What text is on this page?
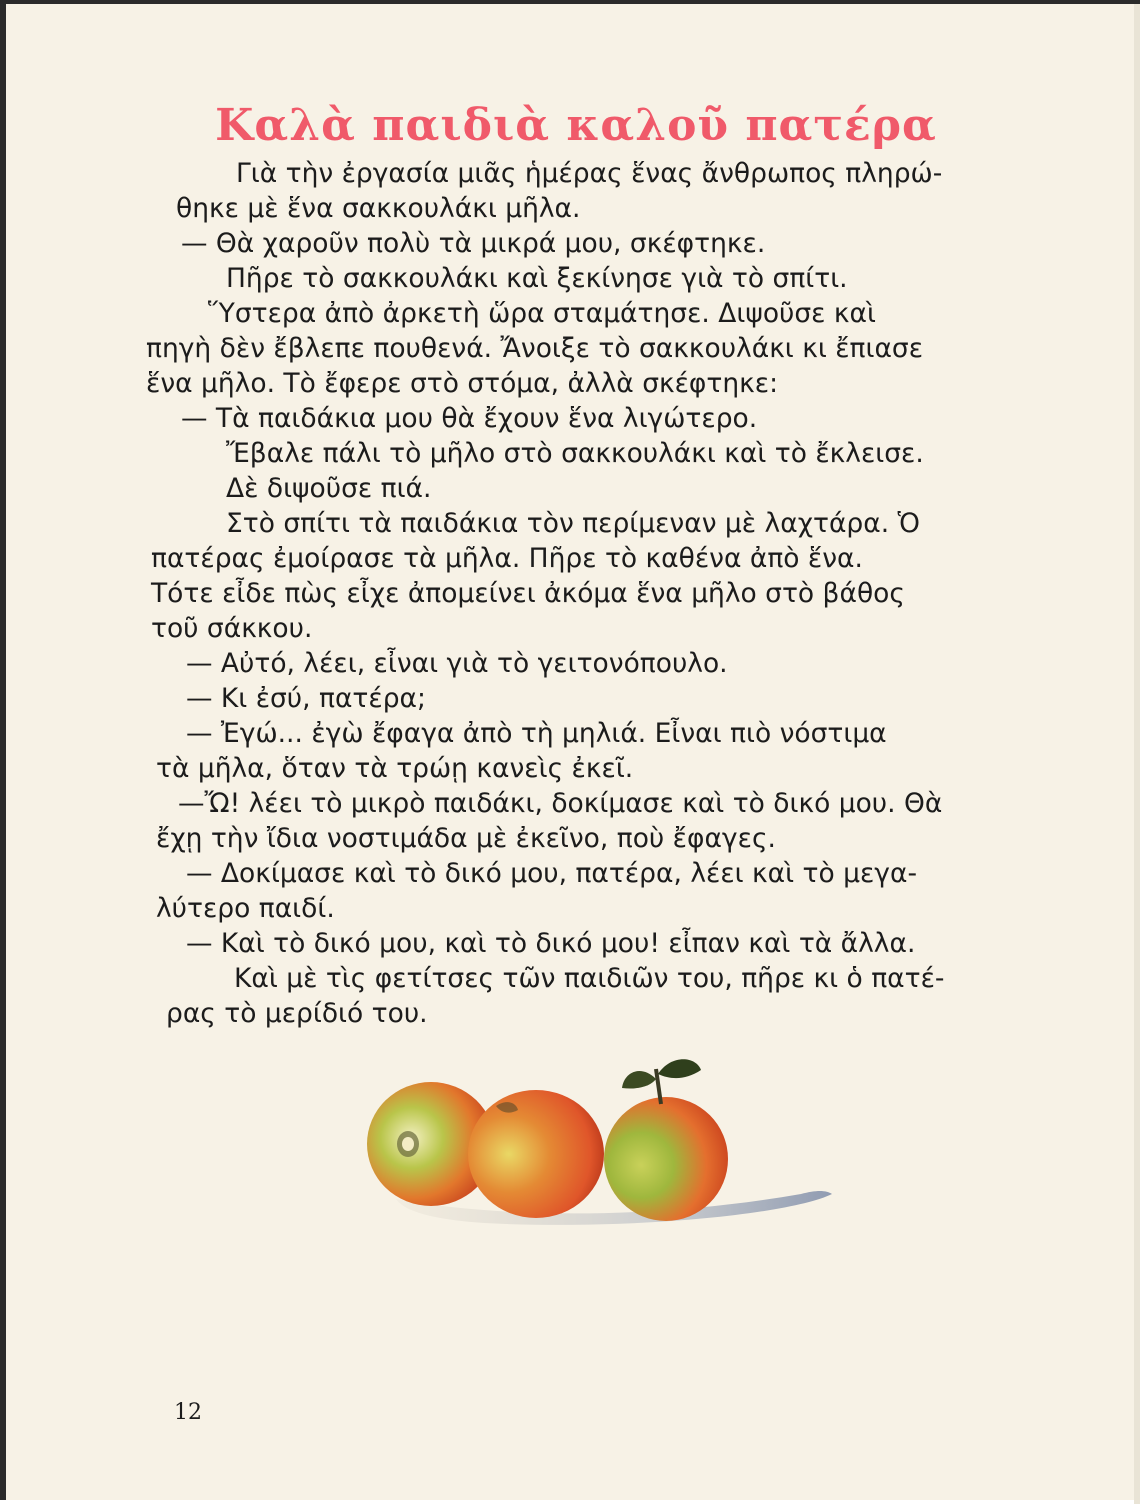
Καλὰ παιδιὰ καλοῦ πατέρα
Γιὰ τὴν ἐργασία μιᾶς ἡμέρας ἕνας ἄνθρωπος πληρώ-
θηκε μὲ ἕνα σακκουλάκι μῆλα.
— Θὰ χαροῦν πολὺ τὰ μικρά μου, σκέφτηκε.
Πῆρε τὸ σακκουλάκι καὶ ξεκίνησε γιὰ τὸ σπίτι.
Ὕστερα ἀπὸ ἀρκετὴ ὥρα σταμάτησε. Διψοῦσε καὶ
πηγὴ δὲν ἔβλεπε πουθενά. Ἄνοιξε τὸ σακκουλάκι κι ἔπιασε
ἕνα μῆλο. Τὸ ἔφερε στὸ στόμα, ἀλλὰ σκέφτηκε:
— Τὰ παιδάκια μου θὰ ἔχουν ἕνα λιγώτερο.
Ἔβαλε πάλι τὸ μῆλο στὸ σακκουλάκι καὶ τὸ ἔκλεισε.
Δὲ διψοῦσε πιά.
Στὸ σπίτι τὰ παιδάκια τὸν περίμεναν μὲ λαχτάρα. Ὁ
πατέρας ἐμοίρασε τὰ μῆλα. Πῆρε τὸ καθένα ἀπὸ ἕνα.
Τότε εἶδε πὼς εἶχε ἀπομείνει ἀκόμα ἕνα μῆλο στὸ βάθος
τοῦ σάκκου.
— Αὐτό, λέει, εἶναι γιὰ τὸ γειτονόπουλο.
— Κι ἐσύ, πατέρα;
— Ἐγώ... ἐγὼ ἔφαγα ἀπὸ τὴ μηλιά. Εἶναι πιὸ νόστιμα
τὰ μῆλα, ὅταν τὰ τρώῃ κανεὶς ἐκεῖ.
—Ὤ! λέει τὸ μικρὸ παιδάκι, δοκίμασε καὶ τὸ δικό μου. Θὰ
ἔχῃ τὴν ἴδια νοστιμάδα μὲ ἐκεῖνο, ποὺ ἔφαγες.
— Δοκίμασε καὶ τὸ δικό μου, πατέρα, λέει καὶ τὸ μεγα-
λύτερο παιδί.
— Καὶ τὸ δικό μου, καὶ τὸ δικό μου! εἶπαν καὶ τὰ ἄλλα.
Καὶ μὲ τὶς φετίτσες τῶν παιδιῶν του, πῆρε κι ὁ πατέ-
ρας τὸ μερίδιό του.
12
